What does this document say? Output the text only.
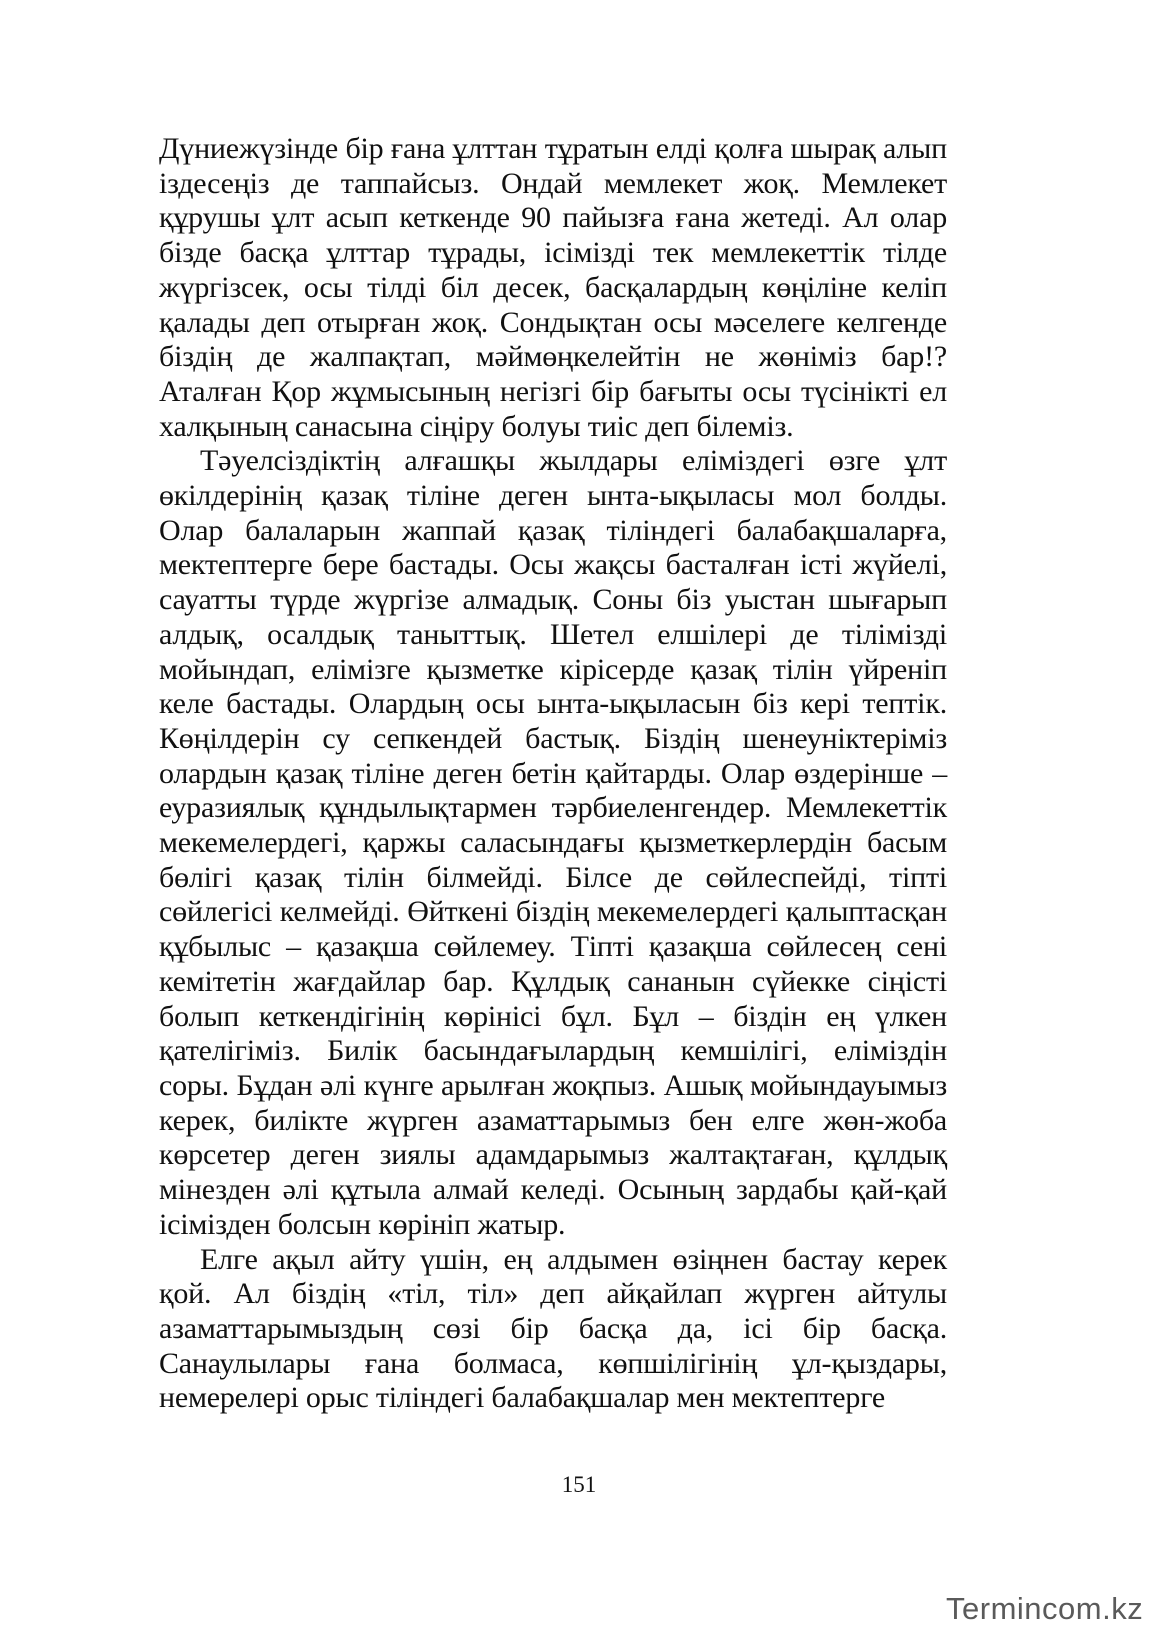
Дүниежүзінде бір ғана ұлттан тұратын елді қолға шырақ алып іздесеңіз де таппайсыз. Ондай мемлекет жоқ. Мемлекет құрушы ұлт асып кеткенде 90 пайызға ғана жетеді. Ал олар бізде басқа ұлттар тұрады, ісімізді тек мемлекеттік тілде жүргізсек, осы тілді біл десек, басқалардың көңіліне келіп қалады деп отырған жоқ. Сондықтан осы мәселеге келгенде біздің де жалпақтап, мәймөңкелейтін не жөніміз бар!? Аталған Қор жұмысының негізгі бір бағыты осы түсінікті ел халқының санасына сіңіру болуы тиіс деп білеміз.

Тәуелсіздіктің алғашқы жылдары еліміздегі өзге ұлт өкілдерінің қазақ тіліне деген ынта-ықыласы мол болды. Олар балаларын жаппай қазақ тіліндегі балабақшаларға, мектептерге бере бастады. Осы жақсы басталған істі жүйелі, сауатты түрде жүргізе алмадық. Соны біз уыстан шығарып алдық, осалдық таныттық. Шетел елшілері де тілімізді мойындап, елімізге қызметке кірісерде қазақ тілін үйреніп келе бастады. Олардың осы ынта-ықыласын біз кері тептік. Көңілдерін су сепкендей бастық. Біздің шенеуніктеріміз олардын қазақ тіліне деген бетін қайтарды. Олар өздерінше – еуразиялық құндылықтармен тәрбиеленгендер. Мемлекеттік мекемелердегі, қаржы саласындағы қызметкерлердін басым бөлігі қазақ тілін білмейді. Білсе де сөйлеспейді, тіпті сөйлегісі келмейді. Өйткені біздің мекемелердегі қалыптасқан құбылыс – қазақша сөйлемеу. Тіпті қазақша сөйлесең сені кемітетін жағдайлар бар. Құлдық сананын сүйекке сіңісті болып кеткендігінің көрінісі бұл. Бұл – біздін ең үлкен қателігіміз. Билік басындағылардың кемшілігі, еліміздін соры. Бұдан әлі күнге арылған жоқпыз. Ашық мойындауымыз керек, билікте жүрген азаматтарымыз бен елге жөн-жоба көрсетер деген зиялы адамдарымыз жалтақтаған, құлдық мінезден әлі құтыла алмай келеді. Осының зардабы қай-қай ісімізден болсын көрініп жатыр.

Елге ақыл айту үшін, ең алдымен өзіңнен бастау керек қой. Ал біздің «тіл, тіл» деп айқайлап жүрген айтулы азаматтарымыздың сөзі бір басқа да, ісі бір басқа. Санаулылары ғана болмаса, көпшілігінің ұл-қыздары, немерелері орыс тіліндегі балабақшалар мен мектептерге

151

Termincom.kz
